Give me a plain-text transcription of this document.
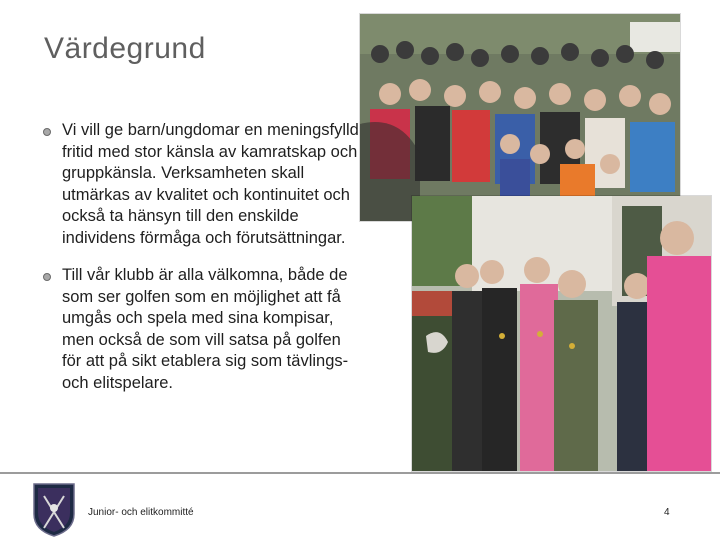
Värdegrund
Vi vill ge barn/ungdomar en meningsfylld fritid med stor känsla av kamratskap och gruppkänsla. Verksamheten skall utmärkas av kvalitet och kontinuitet och också ta hänsyn till den enskilde individens förmåga och förutsättningar.
Till vår klubb är alla välkomna, både de som ser golfen som en möjlighet att få umgås och spela med sina kompisar, men också de som vill satsa på golfen för att på sikt etablera sig som tävlings- och elitspelare.
Junior- och elitkommitté	4
